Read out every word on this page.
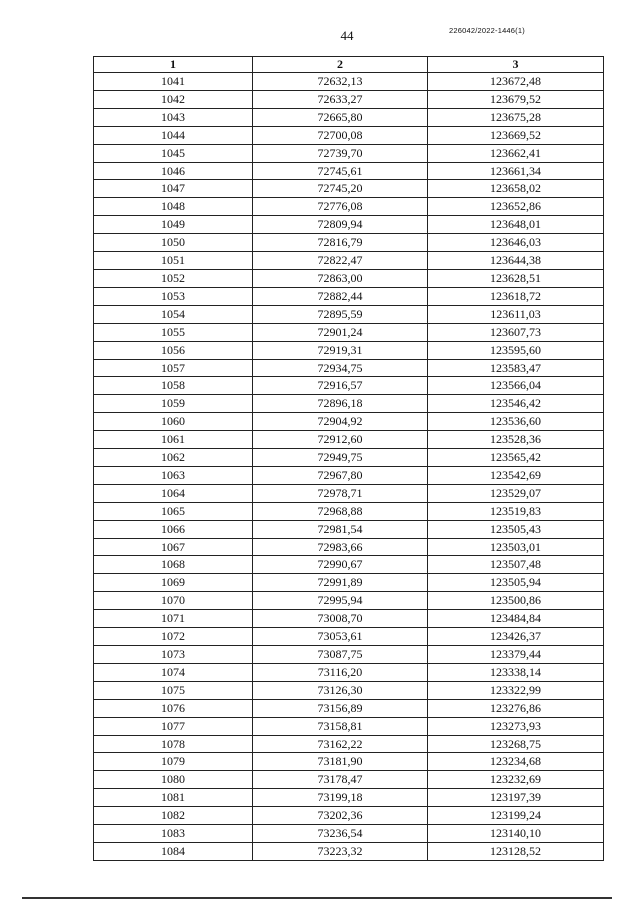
44	226042/2022-1446(1)
1	2	3
1041	72632,13	123672,48
1042	72633,27	123679,52
1043	72665,80	123675,28
1044	72700,08	123669,52
1045	72739,70	123662,41
1046	72745,61	123661,34
1047	72745,20	123658,02
1048	72776,08	123652,86
1049	72809,94	123648,01
1050	72816,79	123646,03
1051	72822,47	123644,38
1052	72863,00	123628,51
1053	72882,44	123618,72
1054	72895,59	123611,03
1055	72901,24	123607,73
1056	72919,31	123595,60
1057	72934,75	123583,47
1058	72916,57	123566,04
1059	72896,18	123546,42
1060	72904,92	123536,60
1061	72912,60	123528,36
1062	72949,75	123565,42
1063	72967,80	123542,69
1064	72978,71	123529,07
1065	72968,88	123519,83
1066	72981,54	123505,43
1067	72983,66	123503,01
1068	72990,67	123507,48
1069	72991,89	123505,94
1070	72995,94	123500,86
1071	73008,70	123484,84
1072	73053,61	123426,37
1073	73087,75	123379,44
1074	73116,20	123338,14
1075	73126,30	123322,99
1076	73156,89	123276,86
1077	73158,81	123273,93
1078	73162,22	123268,75
1079	73181,90	123234,68
1080	73178,47	123232,69
1081	73199,18	123197,39
1082	73202,36	123199,24
1083	73236,54	123140,10
1084	73223,32	123128,52
